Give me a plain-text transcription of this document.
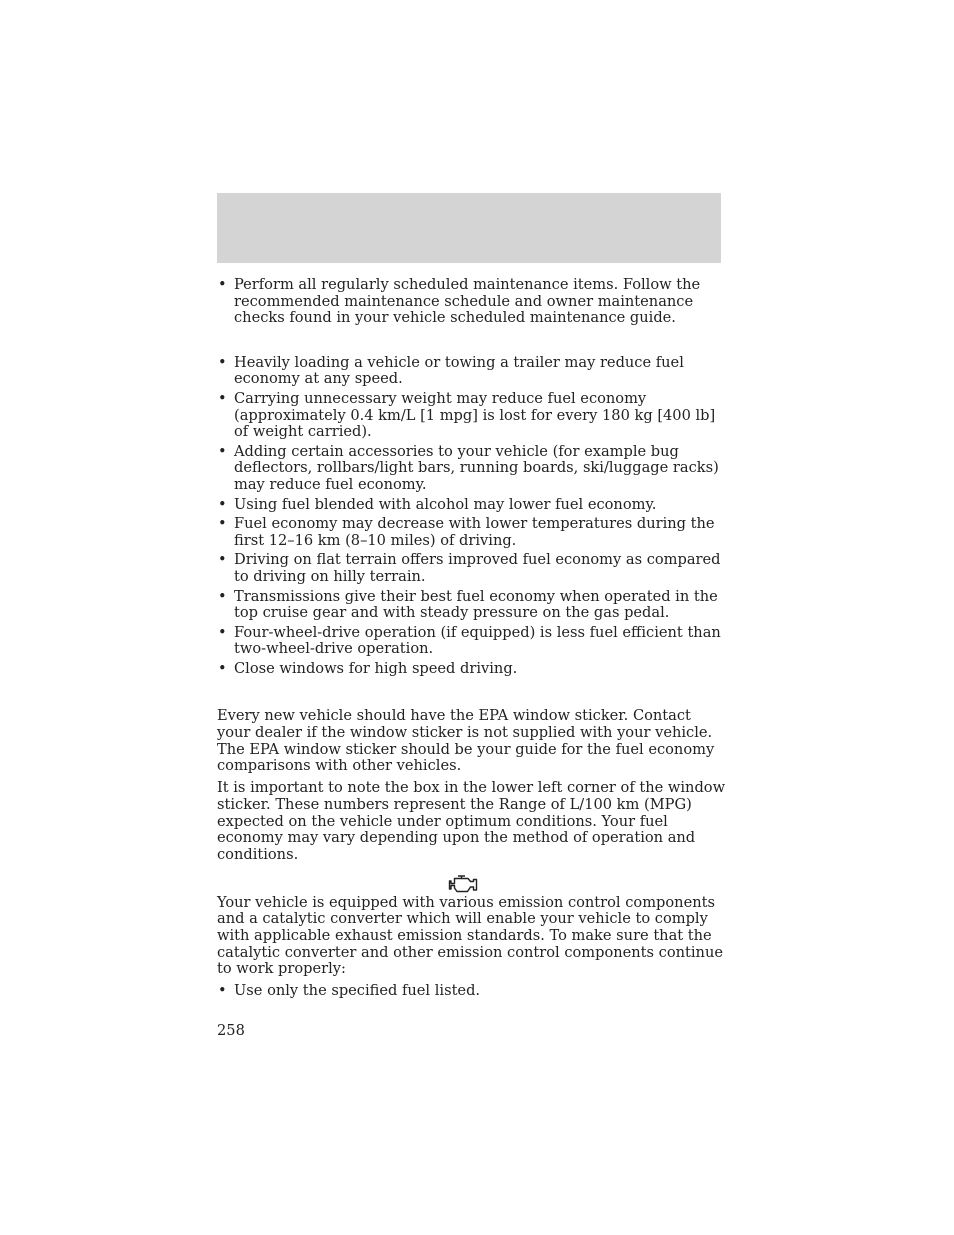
• Perform all regularly scheduled maintenance items. Follow the recommended maintenance schedule and owner maintenance checks found in your vehicle scheduled maintenance guide.
• Heavily loading a vehicle or towing a trailer may reduce fuel economy at any speed.
• Carrying unnecessary weight may reduce fuel economy (approximately 0.4 km/L [1 mpg] is lost for every 180 kg [400 lb] of weight carried).
• Adding certain accessories to your vehicle (for example bug deflectors, rollbars/light bars, running boards, ski/luggage racks) may reduce fuel economy.
• Using fuel blended with alcohol may lower fuel economy.
• Fuel economy may decrease with lower temperatures during the first 12–16 km (8–10 miles) of driving.
• Driving on flat terrain offers improved fuel economy as compared to driving on hilly terrain.
• Transmissions give their best fuel economy when operated in the top cruise gear and with steady pressure on the gas pedal.
• Four-wheel-drive operation (if equipped) is less fuel efficient than two-wheel-drive operation.
• Close windows for high speed driving.

Every new vehicle should have the EPA window sticker. Contact your dealer if the window sticker is not supplied with your vehicle. The EPA window sticker should be your guide for the fuel economy comparisons with other vehicles.

It is important to note the box in the lower left corner of the window sticker. These numbers represent the Range of L/100 km (MPG) expected on the vehicle under optimum conditions. Your fuel economy may vary depending upon the method of operation and conditions.

Your vehicle is equipped with various emission control components and a catalytic converter which will enable your vehicle to comply with applicable exhaust emission standards. To make sure that the catalytic converter and other emission control components continue to work properly:

• Use only the specified fuel listed.
258
